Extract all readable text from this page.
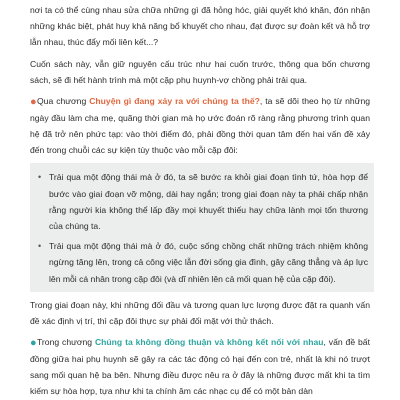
nơi ta có thể cùng nhau sửa chữa những gì đã hỏng hóc, giải quyết khó khăn, đón nhận những khác biệt, phát huy khả năng bổ khuyết cho nhau, đạt được sự đoàn kết và hỗ trợ lẫn nhau, thúc đẩy mối liên kết...?

Cuốn sách này, vẫn giữ nguyên cấu trúc như hai cuốn trước, thông qua bốn chương sách, sẽ đi hết hành trình mà một cặp phụ huynh-vợ chồng phải trải qua.

●Qua chương Chuyện gì đang xảy ra với chúng ta thế?, ta sẽ dõi theo họ từ những ngày đầu làm cha mẹ, quãng thời gian mà họ ước đoán rõ ràng rằng phương trình quan hệ đã trở nên phức tạp: vào thời điểm đó, phải đồng thời quan tâm đến hai vấn đề xảy đến trong chuỗi các sự kiện tùy thuộc vào mỗi cặp đôi:

• Trải qua một động thái mà ở đó, ta sẽ bước ra khỏi giai đoạn tình tứ, hòa hợp để bước vào giai đoạn vỡ mộng, dài hay ngắn; trong giai đoạn này ta phải chấp nhận rằng người kia không thể lấp đầy mọi khuyết thiếu hay chữa lành mọi tổn thương của chúng ta.
• Trải qua một động thái mà ở đó, cuộc sống chồng chất những trách nhiệm không ngừng tăng lên, trong cả công việc lẫn đời sống gia đình, gây căng thẳng và áp lực lên mỗi cá nhân trong cặp đôi (và dĩ nhiên lên cả mối quan hệ của cặp đôi).

Trong giai đoạn này, khi những đối đầu và tương quan lực lượng được đặt ra quanh vấn đề xác định vị trí, thì cặp đôi thực sự phải đối mặt với thử thách.

●Trong chương Chúng ta không đồng thuận và không kết nối với nhau, vấn đề bất đồng giữa hai phụ huynh sẽ gây ra các tác động có hại đến con trẻ, nhất là khi nó trượt sang mối quan hệ ba bên. Nhưng điều được nêu ra ở đây là những được mất khi ta tìm kiếm sự hòa hợp, tựa như khi ta chính âm các nhạc cụ để có một bản dàn
